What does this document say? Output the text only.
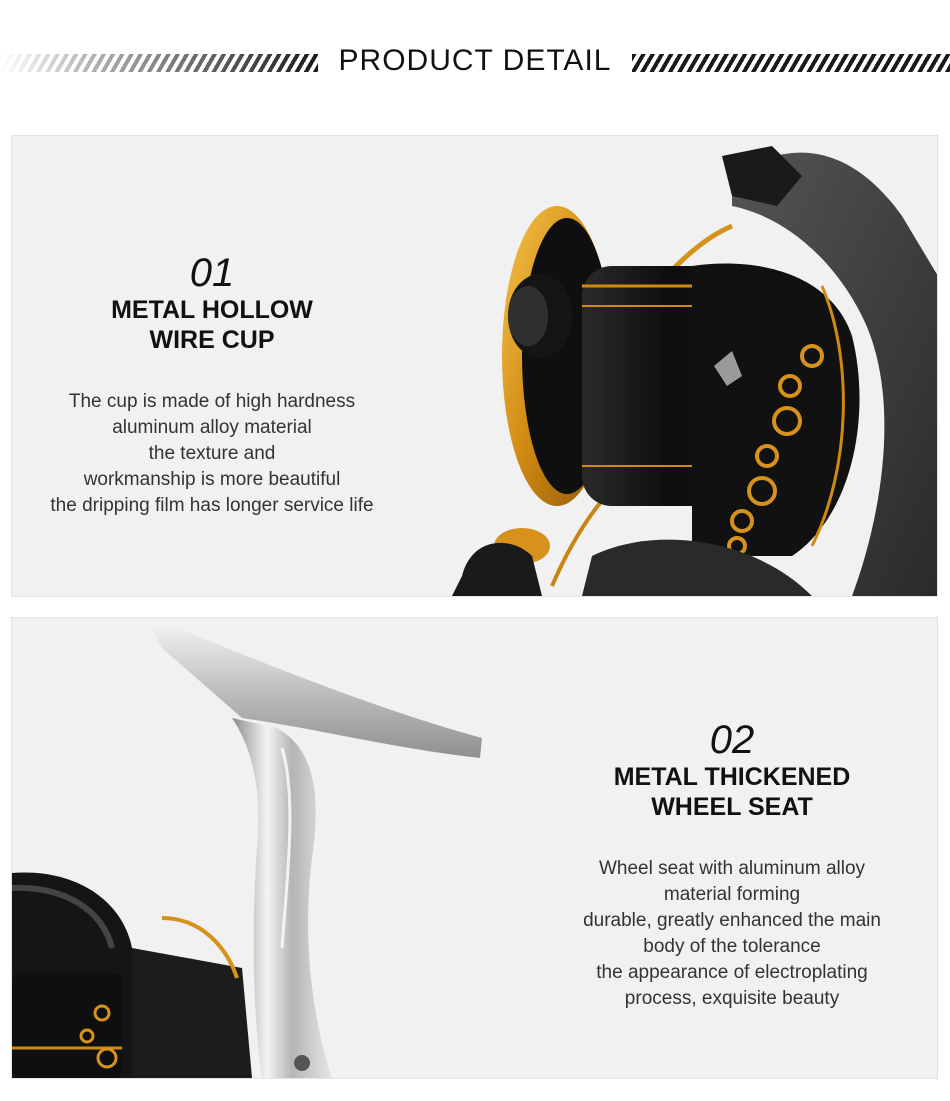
PRODUCT DETAIL
01
METAL HOLLOW
WIRE CUP
The cup is made of high hardness
aluminum alloy material
the texture and
workmanship is more beautiful
the dripping film has longer service life
02
METAL THICKENED
WHEEL SEAT
Wheel seat with aluminum alloy
material forming
durable, greatly enhanced the main
body of the tolerance
the appearance of electroplating
process, exquisite beauty
